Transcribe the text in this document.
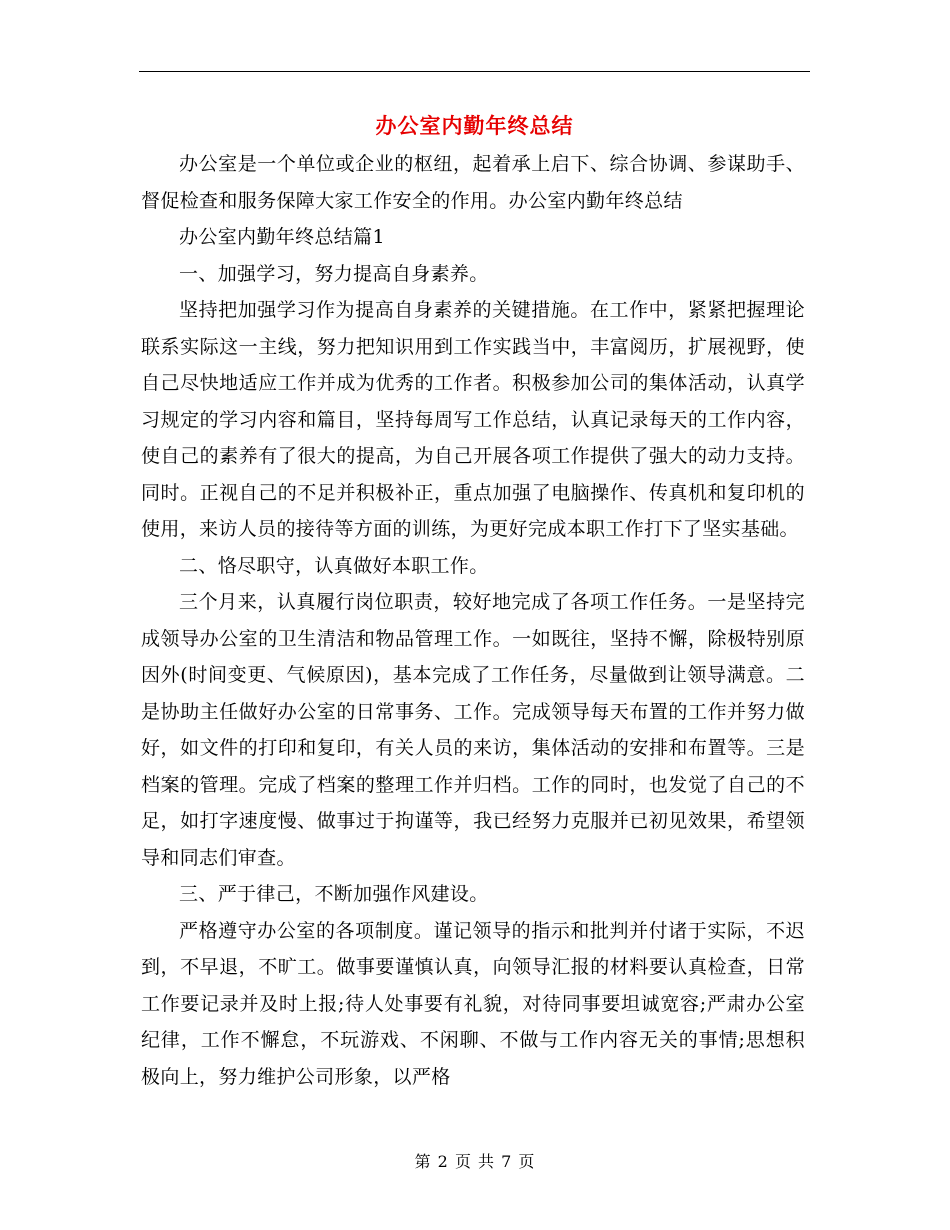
办公室内勤年终总结

办公室是一个单位或企业的枢纽，起着承上启下、综合协调、参谋助手、督促检查和服务保障大家工作安全的作用。办公室内勤年终总结

办公室内勤年终总结篇1

一、加强学习，努力提高自身素养。

坚持把加强学习作为提高自身素养的关键措施。在工作中，紧紧把握理论联系实际这一主线，努力把知识用到工作实践当中，丰富阅历，扩展视野，使自己尽快地适应工作并成为优秀的工作者。积极参加公司的集体活动，认真学习规定的学习内容和篇目，坚持每周写工作总结，认真记录每天的工作内容，使自己的素养有了很大的提高，为自己开展各项工作提供了强大的动力支持。同时。正视自己的不足并积极补正，重点加强了电脑操作、传真机和复印机的使用，来访人员的接待等方面的训练，为更好完成本职工作打下了坚实基础。

二、恪尽职守，认真做好本职工作。

三个月来，认真履行岗位职责，较好地完成了各项工作任务。一是坚持完成领导办公室的卫生清洁和物品管理工作。一如既往，坚持不懈，除极特别原因外(时间变更、气候原因)，基本完成了工作任务，尽量做到让领导满意。二是协助主任做好办公室的日常事务、工作。完成领导每天布置的工作并努力做好，如文件的打印和复印，有关人员的来访，集体活动的安排和布置等。三是档案的管理。完成了档案的整理工作并归档。工作的同时，也发觉了自己的不足，如打字速度慢、做事过于拘谨等，我已经努力克服并已初见效果，希望领导和同志们审查。

三、严于律己，不断加强作风建设。

严格遵守办公室的各项制度。谨记领导的指示和批判并付诸于实际，不迟到，不早退，不旷工。做事要谨慎认真，向领导汇报的材料要认真检查，日常工作要记录并及时上报;待人处事要有礼貌，对待同事要坦诚宽容;严肃办公室纪律，工作不懈怠，不玩游戏、不闲聊、不做与工作内容无关的事情;思想积极向上，努力维护公司形象，以严格

第 2 页 共 7 页
